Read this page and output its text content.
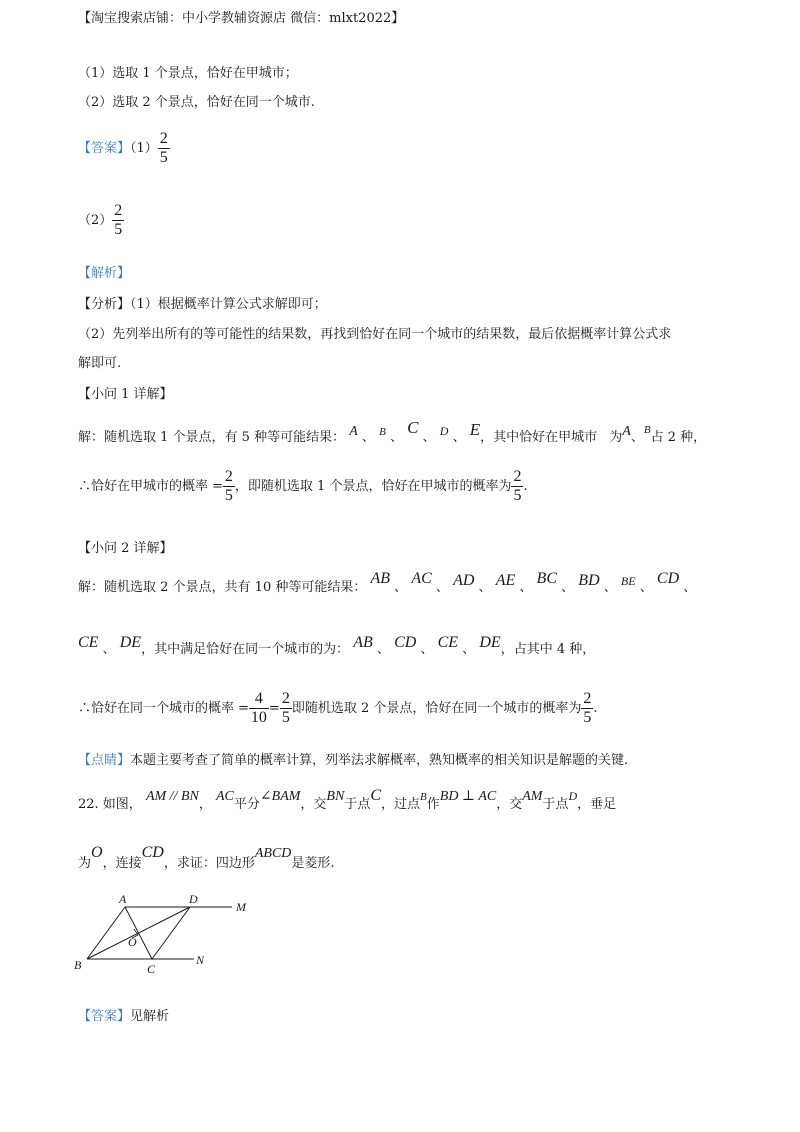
【淘宝搜索店铺：中小学教辅资源店 微信：mlxt2022】
（1）选取 1 个景点，恰好在甲城市；
（2）选取 2 个景点，恰好在同一个城市.
【答案】$(1) \frac{2}{5}$
$(2) \frac{2}{5}$
【解析】
【分析】（1）根据概率计算公式求解即可；
（2）先列举出所有的等可能性的结果数，再找到恰好在同一个城市的结果数，最后依据概率计算公式求
解即可.
【小问 1 详解】
解：随机选取 1 个景点，有 5 种等可能结果： A 、 $^B$ 、 C 、 D 、 E，其中恰好在甲城市 为A、$^B$占 2 种，
∴恰好在甲城市的概率 = $\frac{2}{5}$ ，即随机选取 1 个景点，恰好在甲城市的概率为 $\frac{2}{5}$ .
【小问 2 详解】
解：随机选取 2 个景点，共有 10 种等可能结果： AB 、 AC 、 AD 、 AE 、 BC 、 BD 、 BE 、 CD 、
CE 、 DE，其中满足恰好在同一个城市的为： AB 、 CD 、 CE 、 DE，占其中 4 种，
∴恰好在同一个城市的概率 = $\frac{4}{10} = \frac{2}{5}$ 即随机选取 2 个景点，恰好在同一个城市的概率为 $\frac{2}{5}$ .
【点睛】本题主要考查了简单的概率计算，列举法求解概率，熟知概率的相关知识是解题的关键.
22. 如图， AM // BN， AC平分∠BAM，交BN于点C，过点$^B$作BD ⊥ AC，交AM于点D，垂足
为O，连接CD，求证：四边形ABCD是菱形.
A	D
M
O
B	C
N
【答案】见解析
